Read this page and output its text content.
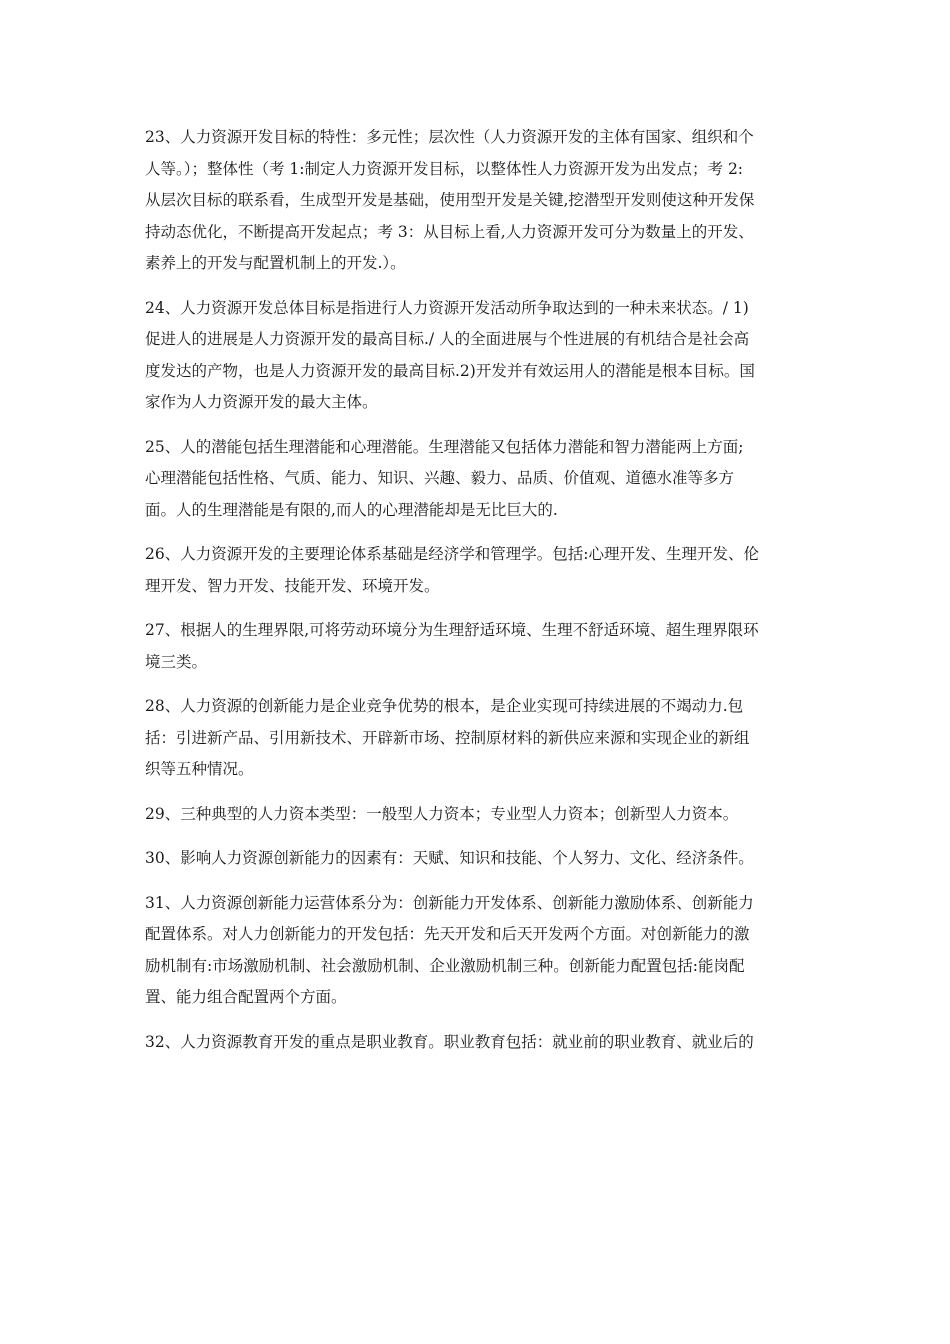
23、人力资源开发目标的特性：多元性；层次性（人力资源开发的主体有国家、组织和个
人等。）；整体性（考 1:制定人力资源开发目标，以整体性人力资源开发为出发点；考 2:
从层次目标的联系看，生成型开发是基础，使用型开发是关键,挖潜型开发则使这种开发保
持动态优化，不断提高开发起点；考 3：从目标上看,人力资源开发可分为数量上的开发、
素养上的开发与配置机制上的开发.）。

24、人力资源开发总体目标是指进行人力资源开发活动所争取达到的一种未来状态。/ 1)
促进人的进展是人力资源开发的最高目标./ 人的全面进展与个性进展的有机结合是社会高
度发达的产物，也是人力资源开发的最高目标.2)开发并有效运用人的潜能是根本目标。国
家作为人力资源开发的最大主体。

25、人的潜能包括生理潜能和心理潜能。生理潜能又包括体力潜能和智力潜能两上方面;
心理潜能包括性格、气质、能力、知识、兴趣、毅力、品质、价值观、道德水准等多方
面。人的生理潜能是有限的,而人的心理潜能却是无比巨大的.

26、人力资源开发的主要理论体系基础是经济学和管理学。包括:心理开发、生理开发、伦
理开发、智力开发、技能开发、环境开发。

27、根据人的生理界限,可将劳动环境分为生理舒适环境、生理不舒适环境、超生理界限环
境三类。

28、人力资源的创新能力是企业竞争优势的根本，是企业实现可持续进展的不竭动力.包
括：引进新产品、引用新技术、开辟新市场、控制原材料的新供应来源和实现企业的新组
织等五种情况。

29、三种典型的人力资本类型：一般型人力资本；专业型人力资本；创新型人力资本。

30、影响人力资源创新能力的因素有：天赋、知识和技能、个人努力、文化、经济条件。

31、人力资源创新能力运营体系分为：创新能力开发体系、创新能力激励体系、创新能力
配置体系。对人力创新能力的开发包括：先天开发和后天开发两个方面。对创新能力的激
励机制有:市场激励机制、社会激励机制、企业激励机制三种。创新能力配置包括:能岗配
置、能力组合配置两个方面。

32、人力资源教育开发的重点是职业教育。职业教育包括：就业前的职业教育、就业后的
